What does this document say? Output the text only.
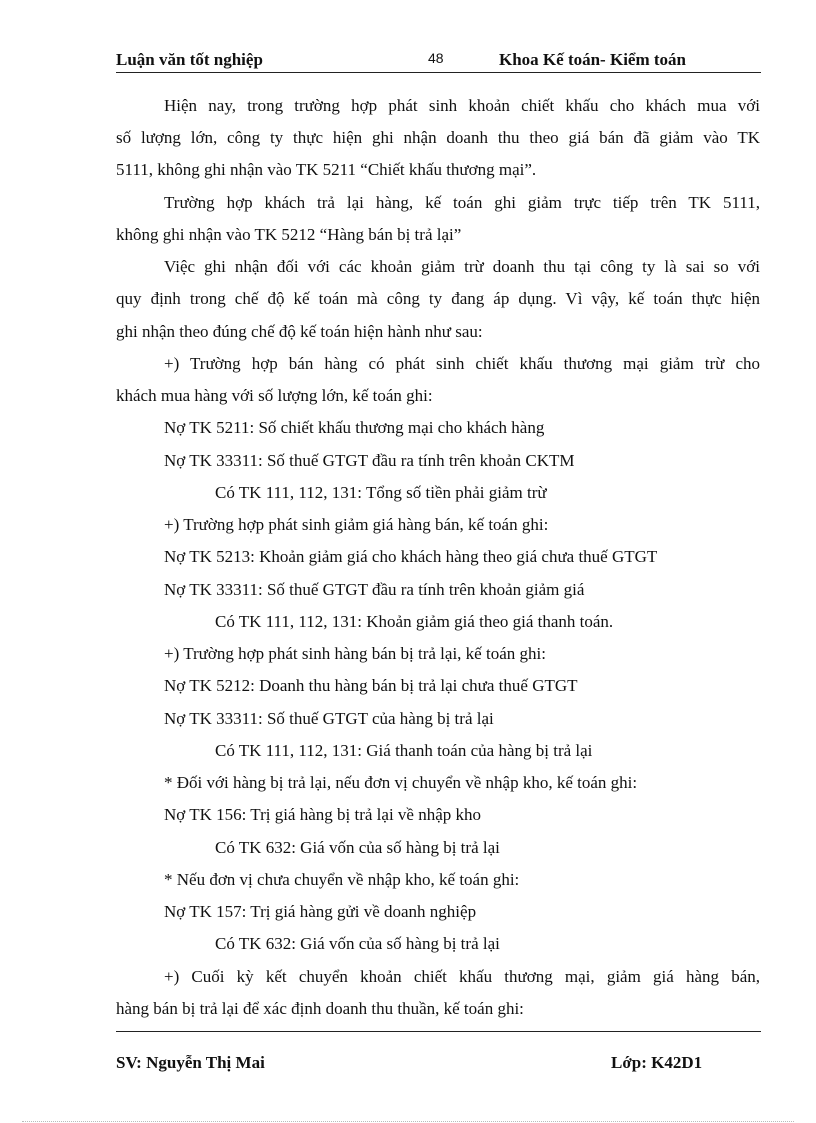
Luận văn tốt nghiệp	48	Khoa Kế toán- Kiểm toán
Hiện nay, trong trường hợp phát sinh khoản chiết khấu cho khách mua với
số lượng lớn, công ty thực hiện ghi nhận doanh thu theo giá bán đã giảm vào TK
5111, không ghi nhận vào TK 5211 “Chiết khấu thương mại”.
Trường hợp khách trả lại hàng, kế toán ghi giảm trực tiếp trên TK 5111,
không ghi nhận vào TK 5212 “Hàng bán bị trả lại”
Việc ghi nhận đối với các khoản giảm trừ doanh thu tại công ty là sai so với
quy định trong chế độ kế toán mà công ty đang áp dụng. Vì vậy, kế toán thực hiện
ghi nhận theo đúng chế độ kế toán hiện hành như sau:
+) Trường hợp bán hàng có phát sinh chiết khấu thương mại giảm trừ cho
khách mua hàng với số lượng lớn, kế toán ghi:
Nợ TK 5211: Số chiết khấu thương mại cho khách hàng
Nợ TK 33311: Số thuế GTGT đầu ra tính trên khoản CKTM
Có TK 111, 112, 131: Tổng số tiền phải giảm trừ
+) Trường hợp phát sinh giảm giá hàng bán, kế toán ghi:
Nợ TK 5213: Khoản giảm giá cho khách hàng theo giá chưa thuế GTGT
Nợ TK 33311: Số thuế GTGT đầu ra tính trên khoản giảm giá
Có TK 111, 112, 131: Khoản giảm giá theo giá thanh toán.
+) Trường hợp phát sinh hàng bán bị trả lại, kế toán ghi:
Nợ TK 5212: Doanh thu hàng bán bị trả lại chưa thuế GTGT
Nợ TK 33311: Số thuế GTGT của hàng bị trả lại
Có TK 111, 112, 131: Giá thanh toán của hàng bị trả lại
* Đối với hàng bị trả lại, nếu đơn vị chuyển về nhập kho, kế toán ghi:
Nợ TK 156: Trị giá hàng bị trả lại về nhập kho
Có TK 632: Giá vốn của số hàng bị trả lại
* Nếu đơn vị chưa chuyển về nhập kho, kế toán ghi:
Nợ TK 157: Trị giá hàng gửi về doanh nghiệp
Có TK 632: Giá vốn của số hàng bị trả lại
+) Cuối kỳ kết chuyển khoản chiết khấu thương mại, giảm giá hàng bán,
hàng bán bị trả lại để xác định doanh thu thuần, kế toán ghi:
SV: Nguyễn Thị Mai	Lớp: K42D1
